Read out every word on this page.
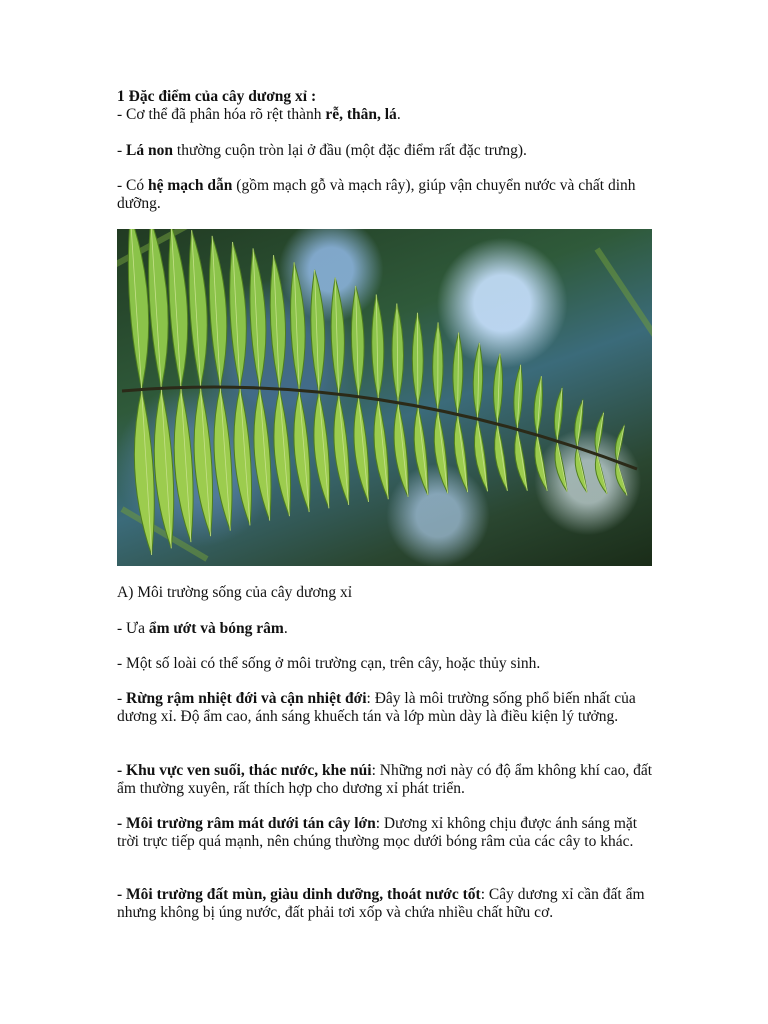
1 Đặc điểm của cây dương xỉ :

- Cơ thể đã phân hóa rõ rệt thành rễ, thân, lá.

- Lá non thường cuộn tròn lại ở đầu (một đặc điểm rất đặc trưng).

- Có hệ mạch dẫn (gồm mạch gỗ và mạch rây), giúp vận chuyển nước và chất dinh dưỡng.

A) Môi trường sống của cây dương xỉ

- Ưa ẩm ướt và bóng râm.

- Một số loài có thể sống ở môi trường cạn, trên cây, hoặc thủy sinh.

- Rừng rậm nhiệt đới và cận nhiệt đới: Đây là môi trường sống phổ biến nhất của dương xỉ. Độ ẩm cao, ánh sáng khuếch tán và lớp mùn dày là điều kiện lý tưởng.

- Khu vực ven suối, thác nước, khe núi: Những nơi này có độ ẩm không khí cao, đất ẩm thường xuyên, rất thích hợp cho dương xỉ phát triển.

- Môi trường râm mát dưới tán cây lớn: Dương xỉ không chịu được ánh sáng mặt trời trực tiếp quá mạnh, nên chúng thường mọc dưới bóng râm của các cây to khác.

- Môi trường đất mùn, giàu dinh dưỡng, thoát nước tốt: Cây dương xỉ cần đất ẩm nhưng không bị úng nước, đất phải tơi xốp và chứa nhiều chất hữu cơ.
